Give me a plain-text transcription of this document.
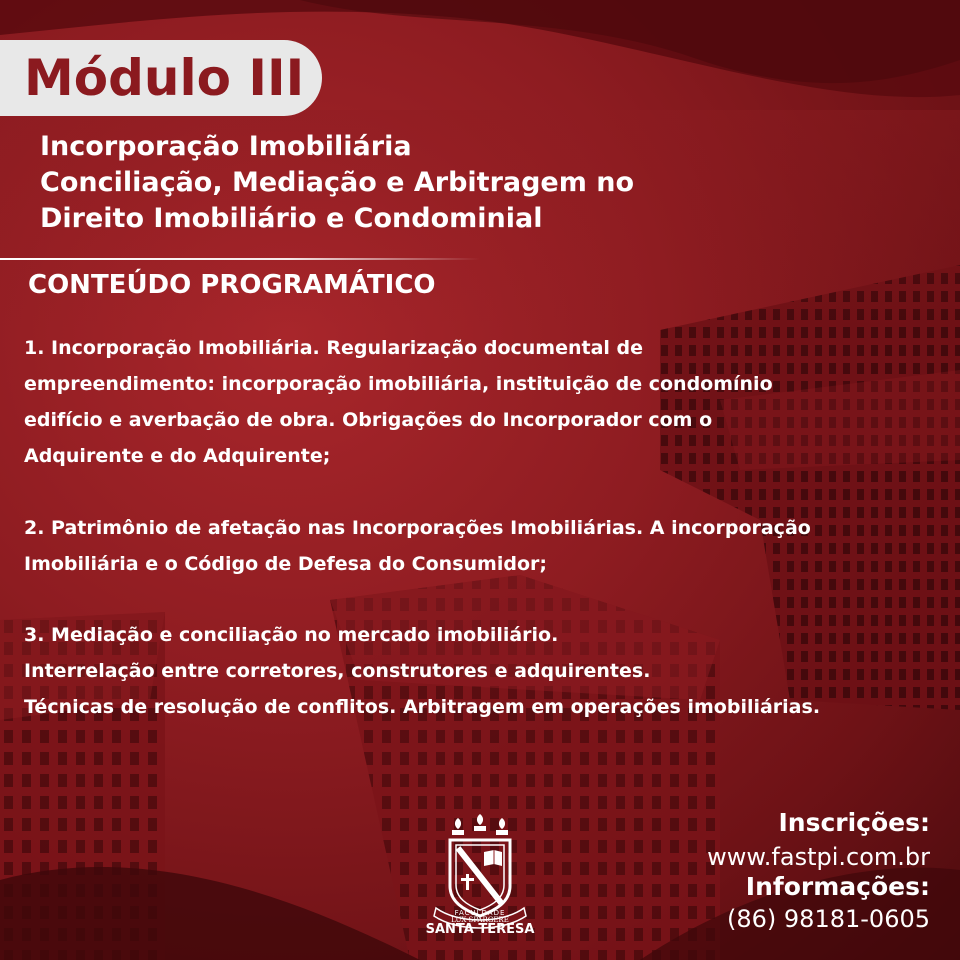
Módulo III
Incorporação Imobiliária
Conciliação, Mediação e Arbitragem no
Direito Imobiliário e Condominial
CONTEÚDO PROGRAMÁTICO
1. Incorporação Imobiliária. Regularização documental de
empreendimento: incorporação imobiliária, instituição de condomínio
edifício e averbação de obra. Obrigações do Incorporador com o
Adquirente e do Adquirente;
2. Patrimônio de afetação nas Incorporações Imobiliárias. A incorporação
Imobiliária e o Código de Defesa do Consumidor;
3. Mediação e conciliação no mercado imobiliário.
Interrelação entre corretores, construtores e adquirentes.
Técnicas de resolução de conflitos. Arbitragem em operações imobiliárias.
LUX SPARGERE
FACULDADE
SANTA TERESA
Inscrições:
www.fastpi.com.br
Informações:
(86) 98181-0605
